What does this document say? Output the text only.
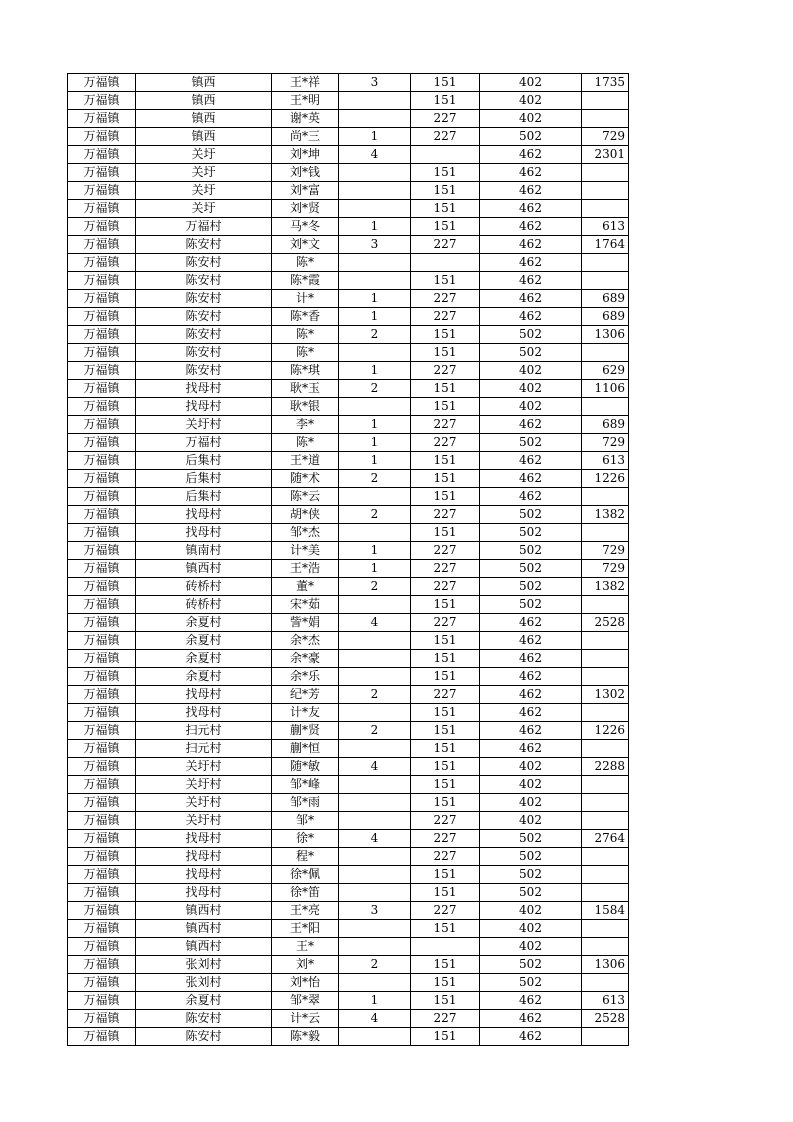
万福镇	镇西	王*祥	3	151	402	1735
万福镇	镇西	王*明		151	402	
万福镇	镇西	谢*英		227	402	
万福镇	镇西	尚*三	1	227	502	729
万福镇	关圩	刘*坤	4		462	2301
万福镇	关圩	刘*钱		151	462	
万福镇	关圩	刘*富		151	462	
万福镇	关圩	刘*贤		151	462	
万福镇	万福村	马*冬	1	151	462	613
万福镇	陈安村	刘*文	3	227	462	1764
万福镇	陈安村	陈*			462	
万福镇	陈安村	陈*霞		151	462	
万福镇	陈安村	计*	1	227	462	689
万福镇	陈安村	陈*香	1	227	462	689
万福镇	陈安村	陈*	2	151	502	1306
万福镇	陈安村	陈*		151	502	
万福镇	陈安村	陈*琪	1	227	402	629
万福镇	找母村	耿*玉	2	151	402	1106
万福镇	找母村	耿*银		151	402	
万福镇	关圩村	李*	1	227	462	689
万福镇	万福村	陈*	1	227	502	729
万福镇	后集村	王*道	1	151	462	613
万福镇	后集村	随*术	2	151	462	1226
万福镇	后集村	陈*云		151	462	
万福镇	找母村	胡*侠	2	227	502	1382
万福镇	找母村	邹*杰		151	502	
万福镇	镇南村	计*美	1	227	502	729
万福镇	镇西村	王*浩	1	227	502	729
万福镇	砖桥村	董*	2	227	502	1382
万福镇	砖桥村	宋*茹		151	502	
万福镇	余夏村	訾*娟	4	227	462	2528
万福镇	余夏村	余*杰		151	462	
万福镇	余夏村	余*豪		151	462	
万福镇	余夏村	余*乐		151	462	
万福镇	找母村	纪*芳	2	227	462	1302
万福镇	找母村	计*友		151	462	
万福镇	扫元村	蒯*贤	2	151	462	1226
万福镇	扫元村	蒯*恒		151	462	
万福镇	关圩村	随*敏	4	151	402	2288
万福镇	关圩村	邹*峰		151	402	
万福镇	关圩村	邹*雨		151	402	
万福镇	关圩村	邹*		227	402	
万福镇	找母村	徐*	4	227	502	2764
万福镇	找母村	程*		227	502	
万福镇	找母村	徐*佩		151	502	
万福镇	找母村	徐*笛		151	502	
万福镇	镇西村	王*亮	3	227	402	1584
万福镇	镇西村	王*阳		151	402	
万福镇	镇西村	王*			402	
万福镇	张刘村	刘*	2	151	502	1306
万福镇	张刘村	刘*怡		151	502	
万福镇	余夏村	邹*翠	1	151	462	613
万福镇	陈安村	计*云	4	227	462	2528
万福镇	陈安村	陈*毅		151	462	
